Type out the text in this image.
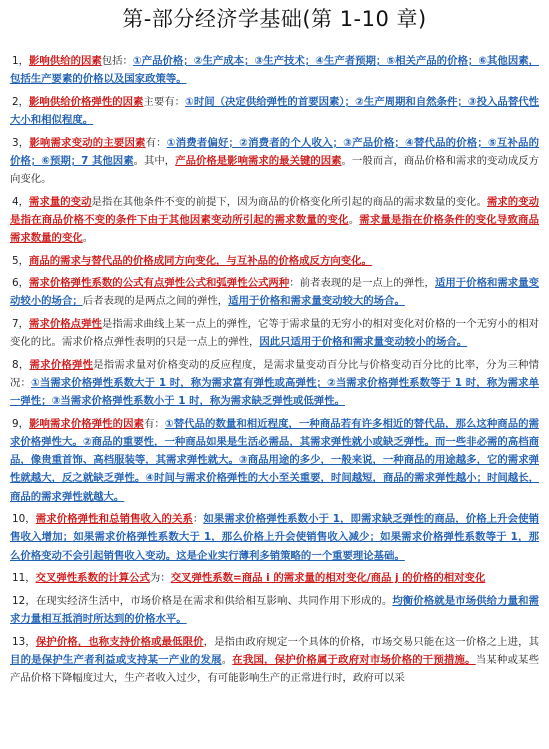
第-部分经济学基础(第 1-10 章)

1，影响供给的因素包括：①产品价格；②生产成本；③生产技术；④生产者预期；⑤相关产品的价格；⑥其他因素，包括生产要素的价格以及国家政策等。

2，影响供给价格弹性的因素主要有：①时间（决定供给弹性的首要因素）；②生产周期和自然条件；③投入品替代性大小和相似程度。

3，影响需求变动的主要因素有：①消费者偏好；②消费者的个人收入；③产品价格；④替代品的价格；⑤互补品的价格；⑥预期；7 其他因素。其中，产品价格是影响需求的最关键的因素。一般而言，商品价格和需求的变动成反方向变化。

4，需求量的变动是指在其他条件不变的前提下，因为商品的价格变化所引起的商品的需求数量的变化。需求的变动是指在商品价格不变的条件下由于其他因素变动所引起的需求数量的变化。需求量是指在价格条件的变化导致商品需求数量的变化。

5，商品的需求与替代品的价格成同方向变化，与互补品的价格成反方向变化。

6，需求价格弹性系数的公式有点弹性公式和弧弹性公式两种：前者表现的是一点上的弹性，适用于价格和需求量变动较小的场合；后者表现的是两点之间的弹性，适用于价格和需求量变动较大的场合。

7，需求价格点弹性是指需求曲线上某一点上的弹性，它等于需求量的无穷小的相对变化对价格的一个无穷小的相对变化的比。需求价格点弹性表明的只是一点上的弹性，因此只适用于价格和需求量变动较小的场合。

8，需求价格弹性是指需求量对价格变动的反应程度，是需求量变动百分比与价格变动百分比的比率，分为三种情况：①当需求价格弹性系数大于 1 时，称为需求富有弹性或高弹性；②当需求价格弹性系数等于 1 时，称为需求单一弹性；③当需求价格弹性系数小于 1 时，称为需求缺乏弹性或低弹性。

9，影响需求价格弹性的因素有：①替代品的数量和相近程度，一种商品若有许多相近的替代品，那么这种商品的需求价格弹性大。②商品的重要性，一种商品如果是生活必需品，其需求弹性就小或缺乏弹性。而一些非必需的高档商品，像贵重首饰、高档服装等，其需求弹性就大。③商品用途的多少，一般来说，一种商品的用途越多，它的需求弹性就越大，反之就缺乏弹性。④时间与需求价格弹性的大小至关重要，时间越短，商品的需求弹性越小；时间越长，商品的需求弹性就越大。

10，需求价格弹性和总销售收入的关系：如果需求价格弹性系数小于 1，即需求缺乏弹性的商品，价格上升会使销售收入增加；如果需求价格弹性系数大于 1，那么价格上升会使销售收入减少；如果需求价格弹性系数等于 1，那么价格变动不会引起销售收入变动。这是企业实行薄利多销策略的一个重要理论基础。

11，交叉弹性系数的计算公式为：交叉弹性系数=商品 i 的需求量的相对变化/商品 j 的价格的相对变化

12，在现实经济生活中，市场价格是在需求和供给相互影响、共同作用下形成的。均衡价格就是市场供给力量和需求力量相互抵消时所达到的价格水平。

13，保护价格，也称支持价格或最低限价，是指由政府规定一个具体的价格，市场交易只能在这一价格之上进，其目的是保护生产者利益或支持某一产业的发展。在我国，保护价格属于政府对市场价格的干预措施。当某种或某些产品价格下降幅度过大，生产者收入过少，有可能影响生产的正常进行时，政府可以采
